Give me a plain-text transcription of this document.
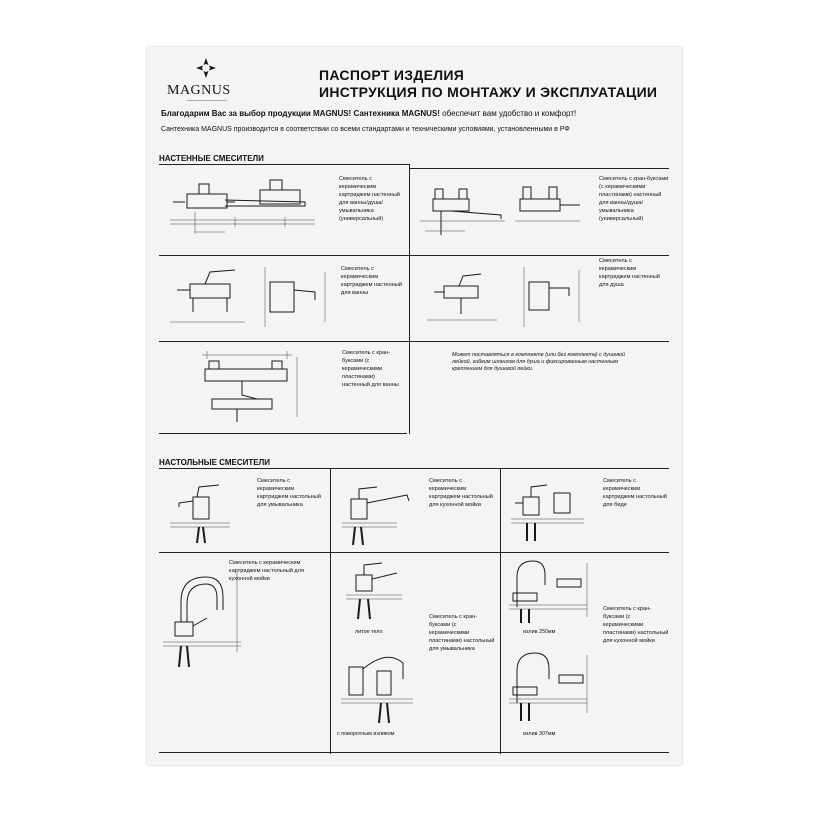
MAGNUS
ПАСПОРТ ИЗДЕЛИЯ
ИНСТРУКЦИЯ ПО МОНТАЖУ И ЭКСПЛУАТАЦИИ
Благодарим Вас за выбор продукции MAGNUS! Сантехника MAGNUS! обеспечит вам удобство и комфорт!
Сантехника MAGNUS производится в соответствии со всеми стандартами и техническими условиями, установленными в РФ
НАСТЕННЫЕ СМЕСИТЕЛИ
Смеситель с керамическим картриджем настенный для ванны/душа/ умывальника (универсальный)
Смеситель с кран-буксами (с керамическими пластинами) настенный для ванны/душа/ умывальника (универсальный)
Смеситель с керамическим картриджем настенный для ванны
Смеситель с керамическим картриджем настенный для душа
Смеситель с кран-буксами (с керамическими пластинами) настенный для ванны
Может поставляться в комплекте (или без комплекта) с душевой лейкой, гибким шлангом для душа и фиксированным настенным креплением для душевой лейки.
НАСТОЛЬНЫЕ СМЕСИТЕЛИ
Смеситель с керамическим картриджем настольный для умывальника
Смеситель с керамическим картриджем настольный для кухонной мойки
Смеситель с керамическим картриджем настольный для биде
Смеситель с керамическим картриджем настольный для кухонной мойки
литое тело
Смеситель с кран-буксами (с керамическими пластинами) настольный для умывальника
с поворотным изливом
излив 250мм
Смеситель с кран-буксами (с керамическими пластинами) настольный для кухонной мойки
излив 307мм
